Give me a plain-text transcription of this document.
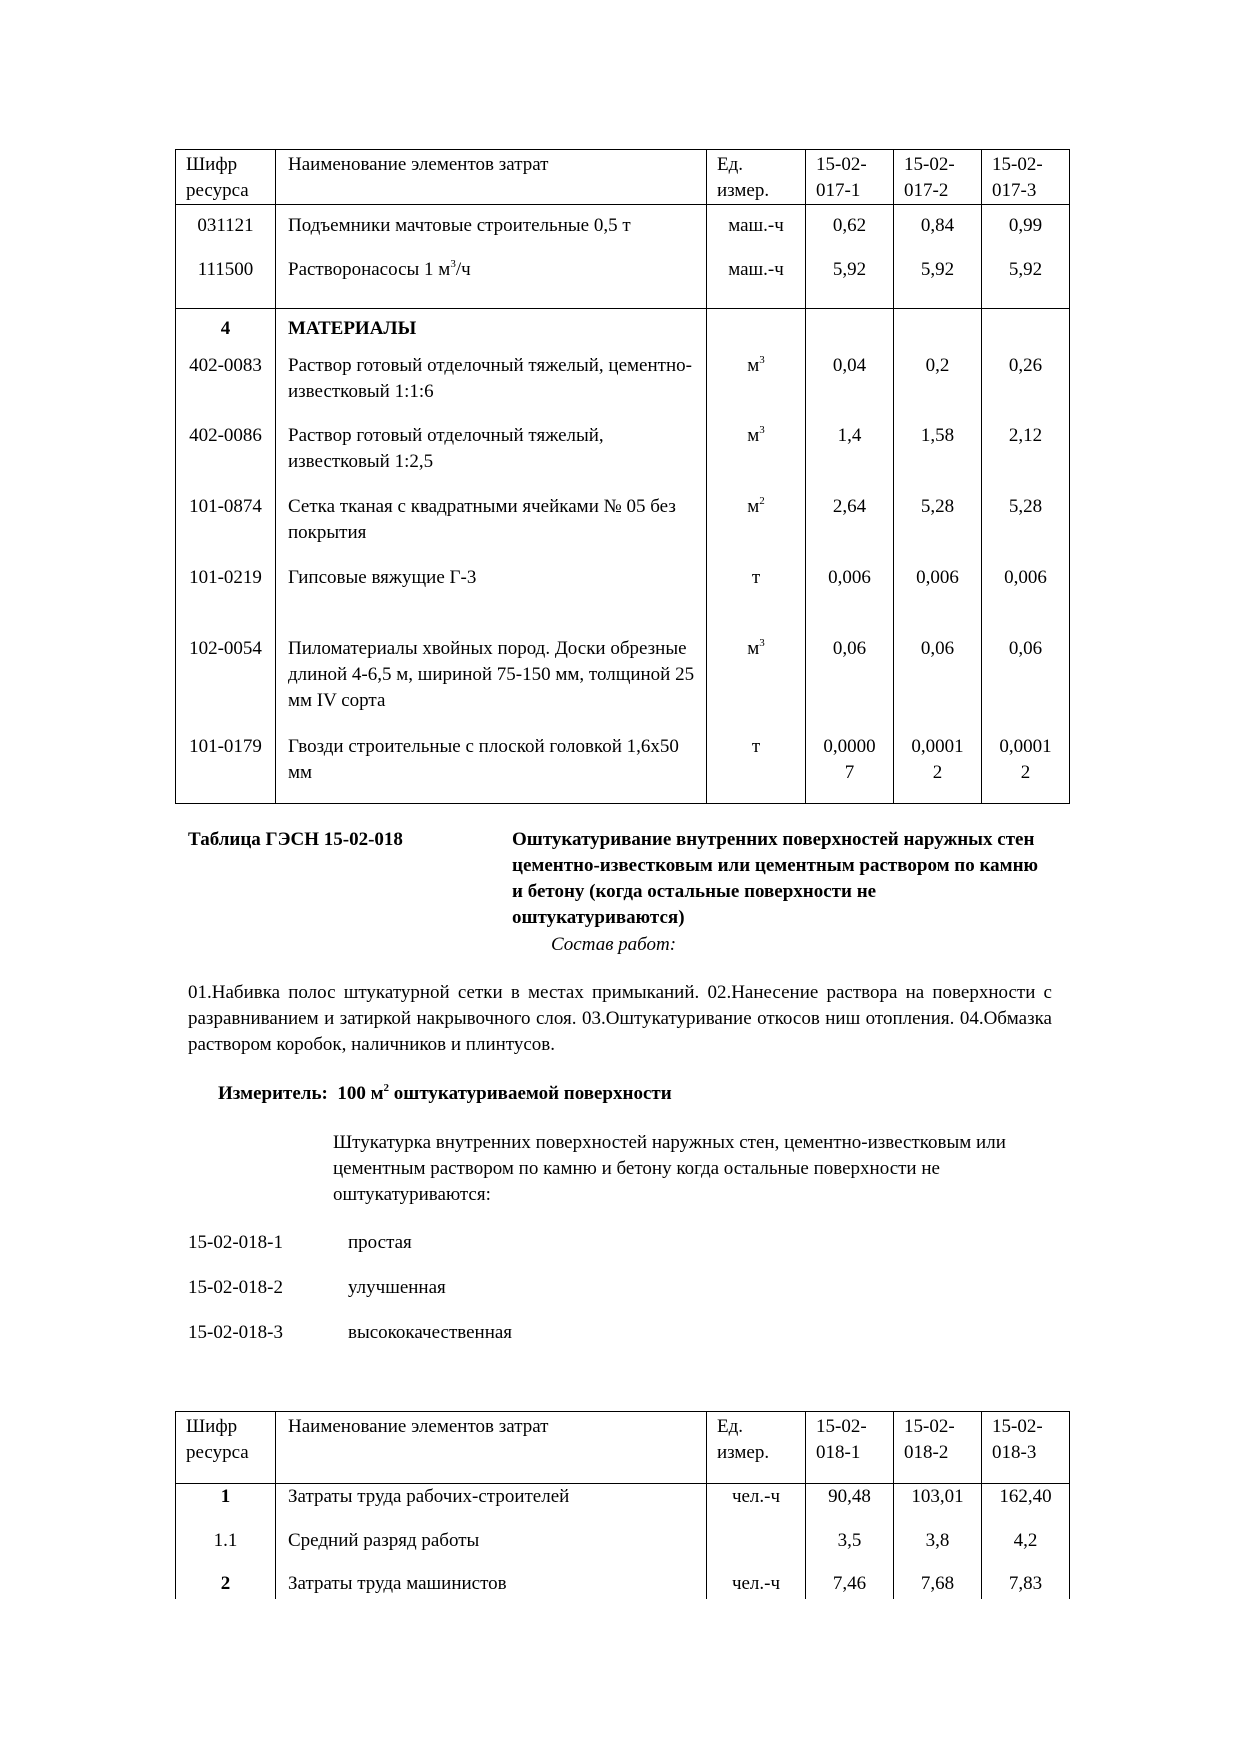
Шифр ресурса	Наименование элементов затрат	Ед. измер.	15-02-017-1	15-02-017-2	15-02-017-3
031121	Подъемники мачтовые строительные 0,5 т	маш.-ч	0,62	0,84	0,99
111500	Растворонасосы 1 $м^3/ч$	маш.-ч	5,92	5,92	5,92
4	МАТЕРИАЛЫ				
402-0083	Раствор готовый отделочный тяжелый, цементно-известковый 1:1:6	$м^3$	0,04	0,2	0,26
402-0086	Раствор готовый отделочный тяжелый, известковый 1:2,5	$м^3$	1,4	1,58	2,12
101-0874	Сетка тканая с квадратными ячейками № 05 без покрытия	$м^2$	2,64	5,28	5,28
101-0219	Гипсовые вяжущие Г-3	т	0,006	0,006	0,006
102-0054	Пиломатериалы хвойных пород. Доски обрезные длиной 4-6,5 м, шириной 75-150 мм, толщиной 25 мм IV сорта	$м^3$	0,06	0,06	0,06
101-0179	Гвозди строительные с плоской головкой 1,6х50 мм	т	0,00007	0,00012	0,00012
Таблица ГЭСН 15-02-018	Оштукатуривание внутренних поверхностей наружных стен цементно-известковым или цементным раствором по камню и бетону (когда остальные поверхности не оштукатуриваются)
Состав работ:
01.Набивка полос штукатурной сетки в местах примыканий. 02.Нанесение раствора на поверхности с разравниванием и затиркой накрывочного слоя. 03.Оштукатуривание откосов ниш отопления. 04.Обмазка раствором коробок, наличников и плинтусов.
Измеритель: 100 $м^2$ оштукатуриваемой поверхности
Штукатурка внутренних поверхностей наружных стен, цементно-известковым или цементным раствором по камню и бетону когда остальные поверхности не оштукатуриваются:
15-02-018-1	простая
15-02-018-2	улучшенная
15-02-018-3	высококачественная
Шифр ресурса	Наименование элементов затрат	Ед. измер.	15-02-018-1	15-02-018-2	15-02-018-3
1	Затраты труда рабочих-строителей	чел.-ч	90,48	103,01	162,40
1.1	Средний разряд работы		3,5	3,8	4,2
2	Затраты труда машинистов	чел.-ч	7,46	7,68	7,83
